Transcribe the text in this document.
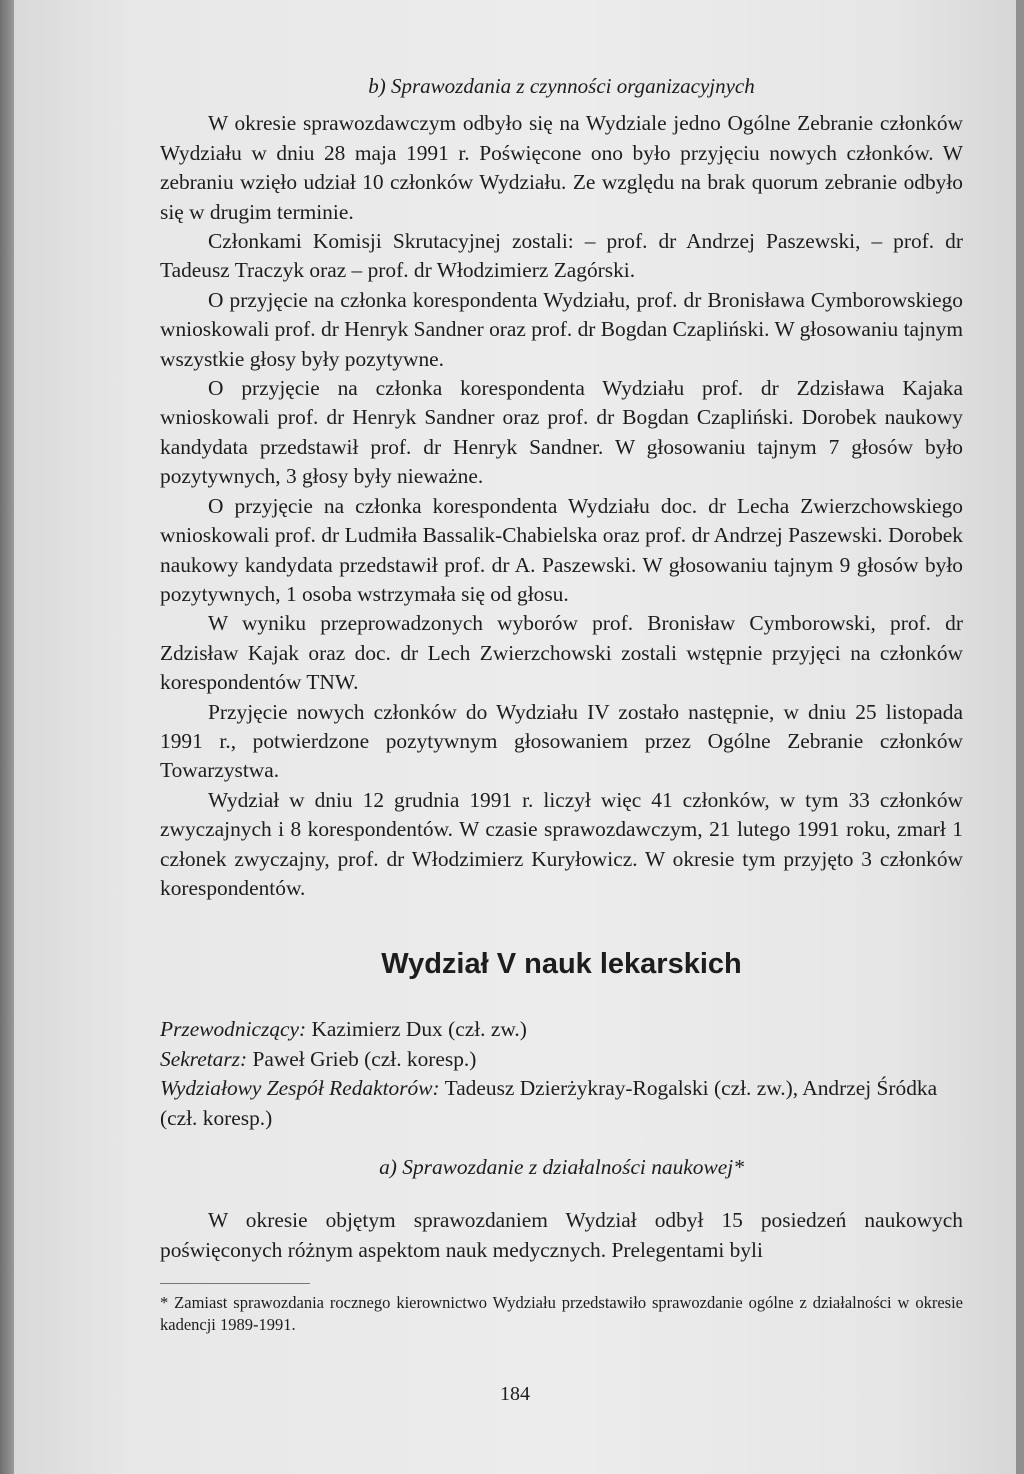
b) Sprawozdania z czynności organizacyjnych

W okresie sprawozdawczym odbyło się na Wydziale jedno Ogólne Zebranie członków Wydziału w dniu 28 maja 1991 r. Poświęcone ono było przyjęciu nowych członków. W zebraniu wzięło udział 10 członków Wydziału. Ze względu na brak quorum zebranie odbyło się w drugim terminie.

Członkami Komisji Skrutacyjnej zostali: – prof. dr Andrzej Paszewski, – prof. dr Tadeusz Traczyk oraz – prof. dr Włodzimierz Zagórski.

O przyjęcie na członka korespondenta Wydziału, prof. dr Bronisława Cymborowskiego wnioskowali prof. dr Henryk Sandner oraz prof. dr Bogdan Czapliński. W głosowaniu tajnym wszystkie głosy były pozytywne.

O przyjęcie na członka korespondenta Wydziału prof. dr Zdzisława Kajaka wnioskowali prof. dr Henryk Sandner oraz prof. dr Bogdan Czapliński. Dorobek naukowy kandydata przedstawił prof. dr Henryk Sandner. W głosowaniu tajnym 7 głosów było pozytywnych, 3 głosy były nieważne.

O przyjęcie na członka korespondenta Wydziału doc. dr Lecha Zwierzchowskiego wnioskowali prof. dr Ludmiła Bassalik-Chabielska oraz prof. dr Andrzej Paszewski. Dorobek naukowy kandydata przedstawił prof. dr A. Paszewski. W głosowaniu tajnym 9 głosów było pozytywnych, 1 osoba wstrzymała się od głosu.

W wyniku przeprowadzonych wyborów prof. Bronisław Cymborowski, prof. dr Zdzisław Kajak oraz doc. dr Lech Zwierzchowski zostali wstępnie przyjęci na członków korespondentów TNW.

Przyjęcie nowych członków do Wydziału IV zostało następnie, w dniu 25 listopada 1991 r., potwierdzone pozytywnym głosowaniem przez Ogólne Zebranie członków Towarzystwa.

Wydział w dniu 12 grudnia 1991 r. liczył więc 41 członków, w tym 33 członków zwyczajnych i 8 korespondentów. W czasie sprawozdawczym, 21 lutego 1991 roku, zmarł 1 członek zwyczajny, prof. dr Włodzimierz Kuryłowicz. W okresie tym przyjęto 3 członków korespondentów.

Wydział V nauk lekarskich
Przewodniczący: Kazimierz Dux (czł. zw.)
Sekretarz: Paweł Grieb (czł. koresp.)
Wydziałowy Zespół Redaktorów: Tadeusz Dzierżykray-Rogalski (czł. zw.), Andrzej Śródka (czł. koresp.)
a) Sprawozdanie z działalności naukowej*

W okresie objętym sprawozdaniem Wydział odbył 15 posiedzeń naukowych poświęconych różnym aspektom nauk medycznych. Prelegentami byli

* Zamiast sprawozdania rocznego kierownictwo Wydziału przedstawiło sprawozdanie ogólne z działalności w okresie kadencji 1989-1991.
184
